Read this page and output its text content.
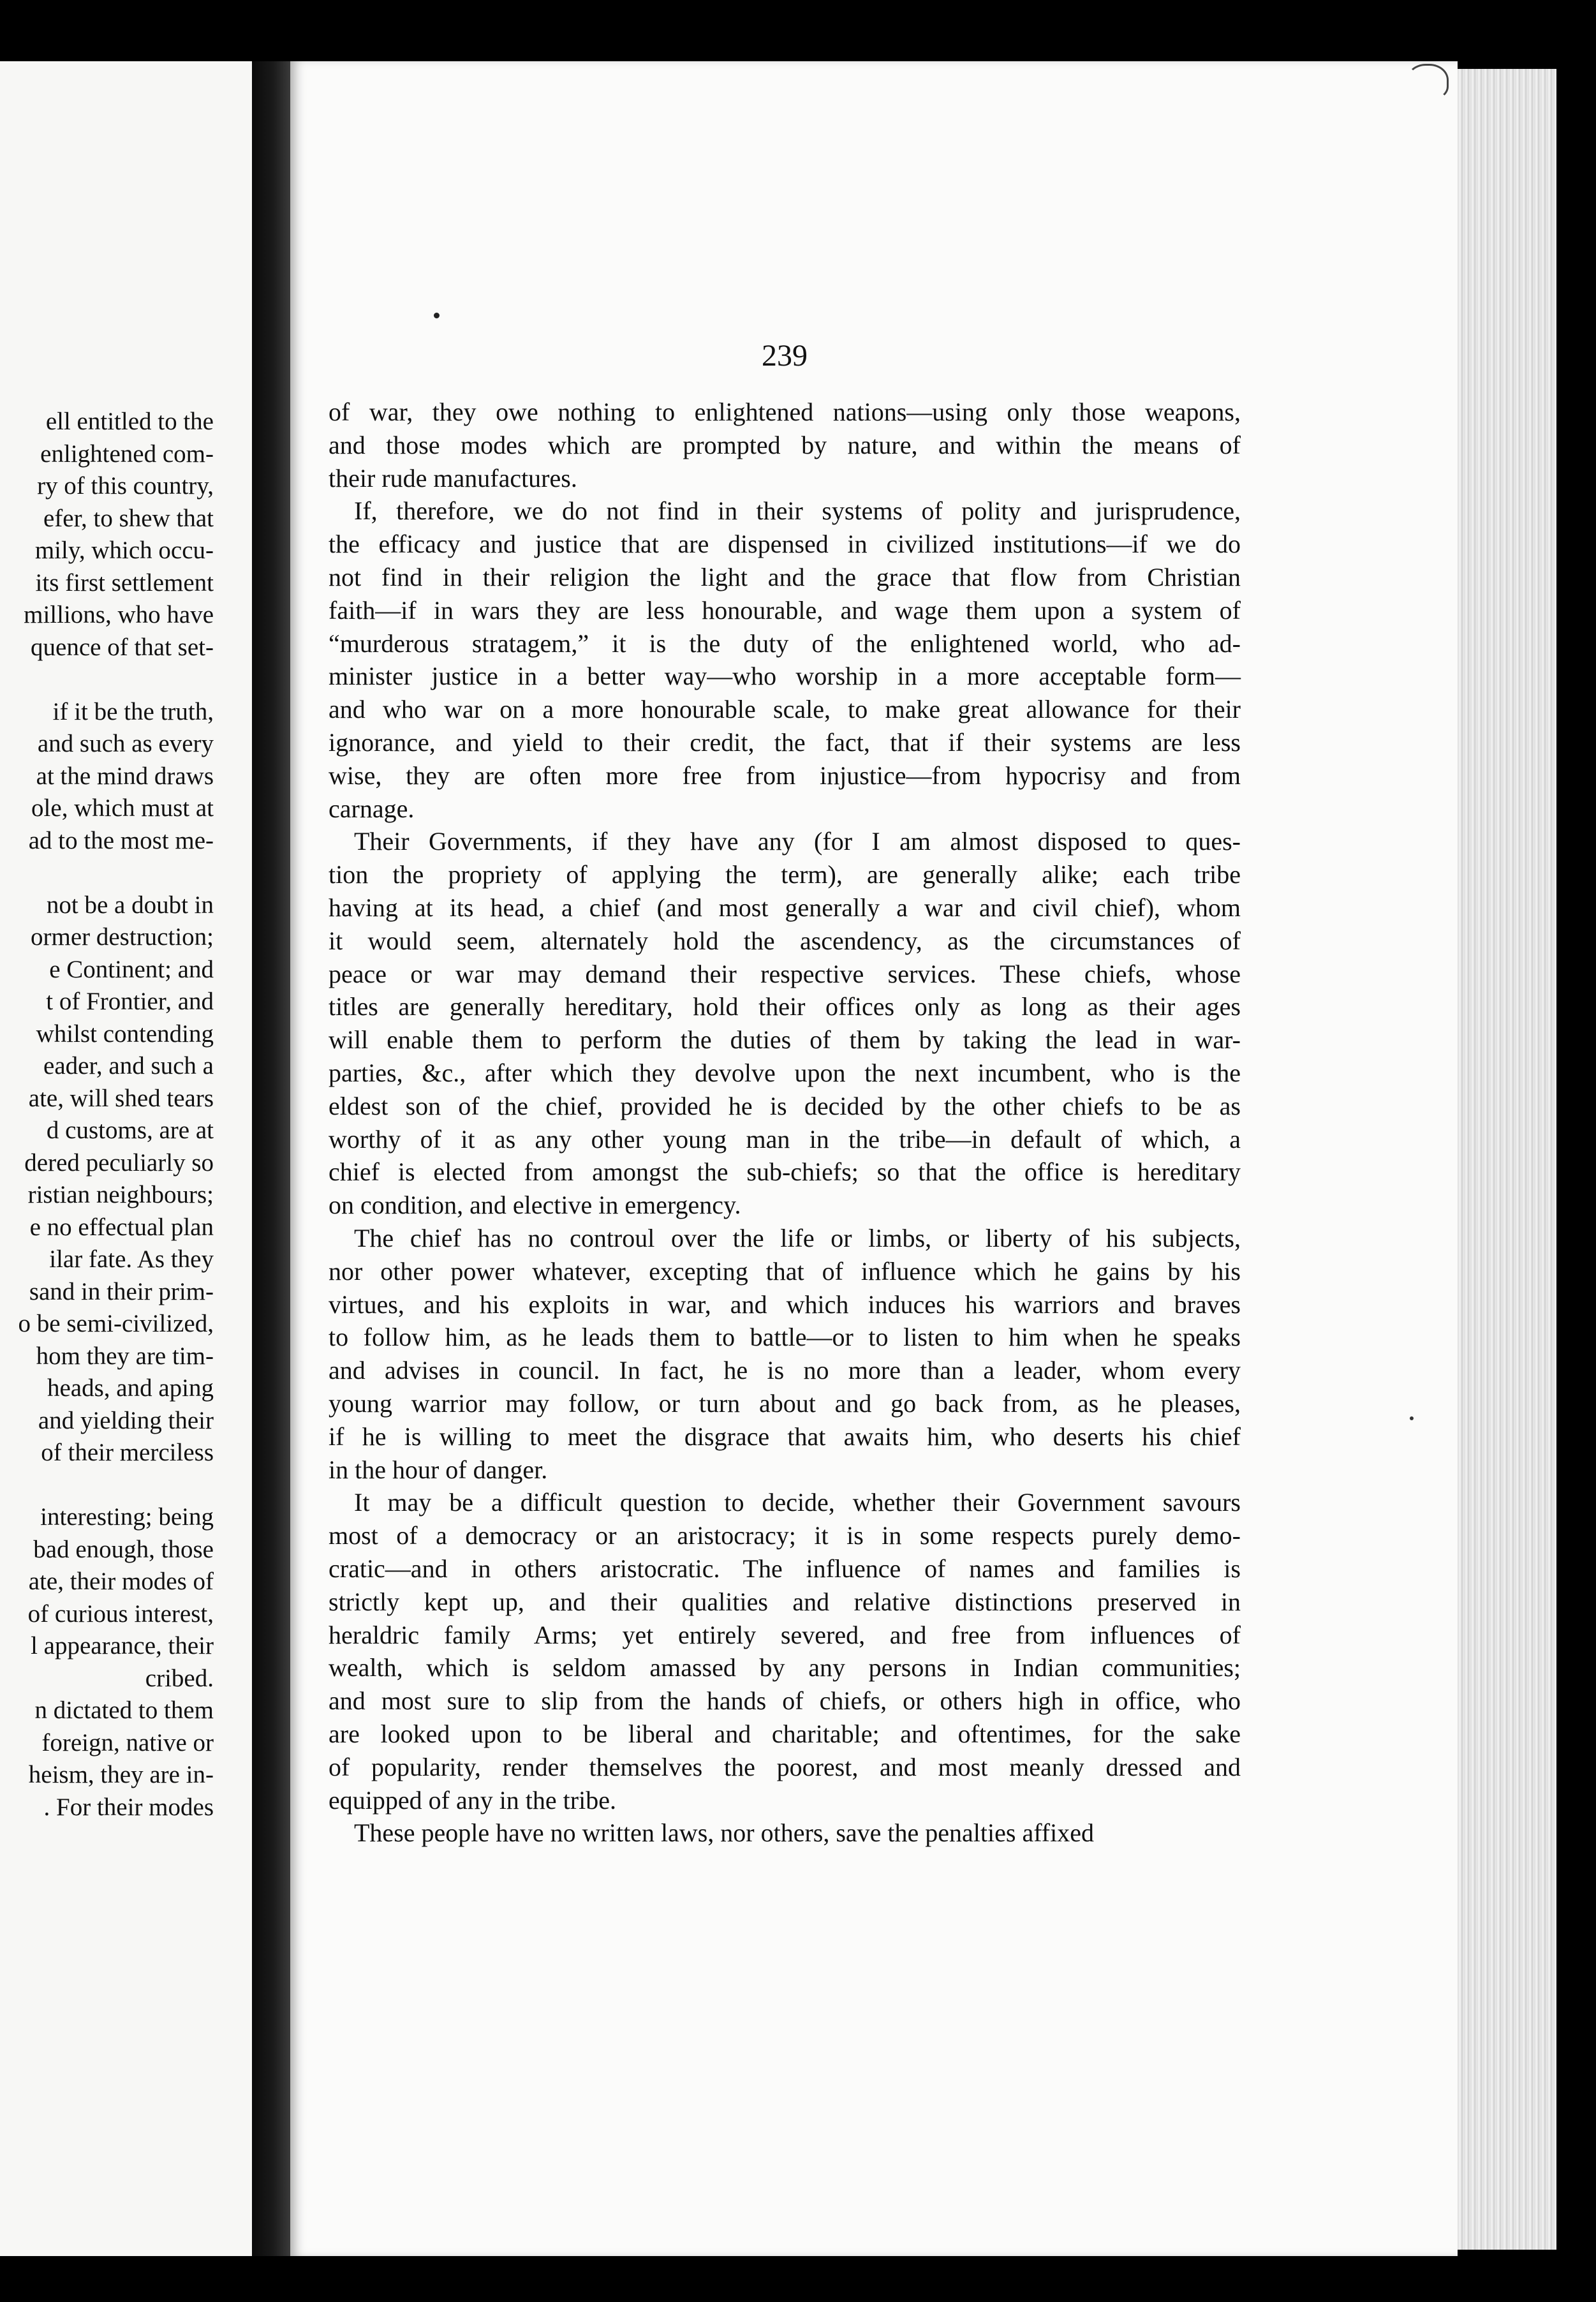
ell entitled to the
enlightened com-
ry of this country,
efer, to shew that
mily, which occu-
its first settlement
millions, who have
quence of that set-
if it be the truth,
and such as every
at the mind draws
ole, which must at
ad to the most me-
not be a doubt in
ormer destruction;
e Continent; and
t of Frontier, and
whilst contending
eader, and such a
ate, will shed tears
d customs, are at
dered peculiarly so
ristian neighbours;
e no effectual plan
ilar fate. As they
sand in their prim-
o be semi-civilized,
hom they are tim-
heads, and aping
and yielding their
of their merciless
interesting; being
bad enough, those
ate, their modes of
of curious interest,
l appearance, their
cribed.
n dictated to them
foreign, native or
heism, they are in-
. For their modes
239
of war, they owe nothing to enlightened nations—using only those weapons,
and those modes which are prompted by nature, and within the means of
their rude manufactures.
If, therefore, we do not find in their systems of polity and jurisprudence,
the efficacy and justice that are dispensed in civilized institutions—if we do
not find in their religion the light and the grace that flow from Christian
faith—if in wars they are less honourable, and wage them upon a system of
“murderous stratagem,” it is the duty of the enlightened world, who ad-
minister justice in a better way—who worship in a more acceptable form—
and who war on a more honourable scale, to make great allowance for their
ignorance, and yield to their credit, the fact, that if their systems are less
wise, they are often more free from injustice—from hypocrisy and from
carnage.
Their Governments, if they have any (for I am almost disposed to ques-
tion the propriety of applying the term), are generally alike; each tribe
having at its head, a chief (and most generally a war and civil chief), whom
it would seem, alternately hold the ascendency, as the circumstances of
peace or war may demand their respective services. These chiefs, whose
titles are generally hereditary, hold their offices only as long as their ages
will enable them to perform the duties of them by taking the lead in war-
parties, &c., after which they devolve upon the next incumbent, who is the
eldest son of the chief, provided he is decided by the other chiefs to be as
worthy of it as any other young man in the tribe—in default of which, a
chief is elected from amongst the sub-chiefs; so that the office is hereditary
on condition, and elective in emergency.
The chief has no controul over the life or limbs, or liberty of his subjects,
nor other power whatever, excepting that of influence which he gains by his
virtues, and his exploits in war, and which induces his warriors and braves
to follow him, as he leads them to battle—or to listen to him when he speaks
and advises in council. In fact, he is no more than a leader, whom every
young warrior may follow, or turn about and go back from, as he pleases,
if he is willing to meet the disgrace that awaits him, who deserts his chief
in the hour of danger.
It may be a difficult question to decide, whether their Government savours
most of a democracy or an aristocracy; it is in some respects purely demo-
cratic—and in others aristocratic. The influence of names and families is
strictly kept up, and their qualities and relative distinctions preserved in
heraldric family Arms; yet entirely severed, and free from influences of
wealth, which is seldom amassed by any persons in Indian communities;
and most sure to slip from the hands of chiefs, or others high in office, who
are looked upon to be liberal and charitable; and oftentimes, for the sake
of popularity, render themselves the poorest, and most meanly dressed and
equipped of any in the tribe.
These people have no written laws, nor others, save the penalties affixed
